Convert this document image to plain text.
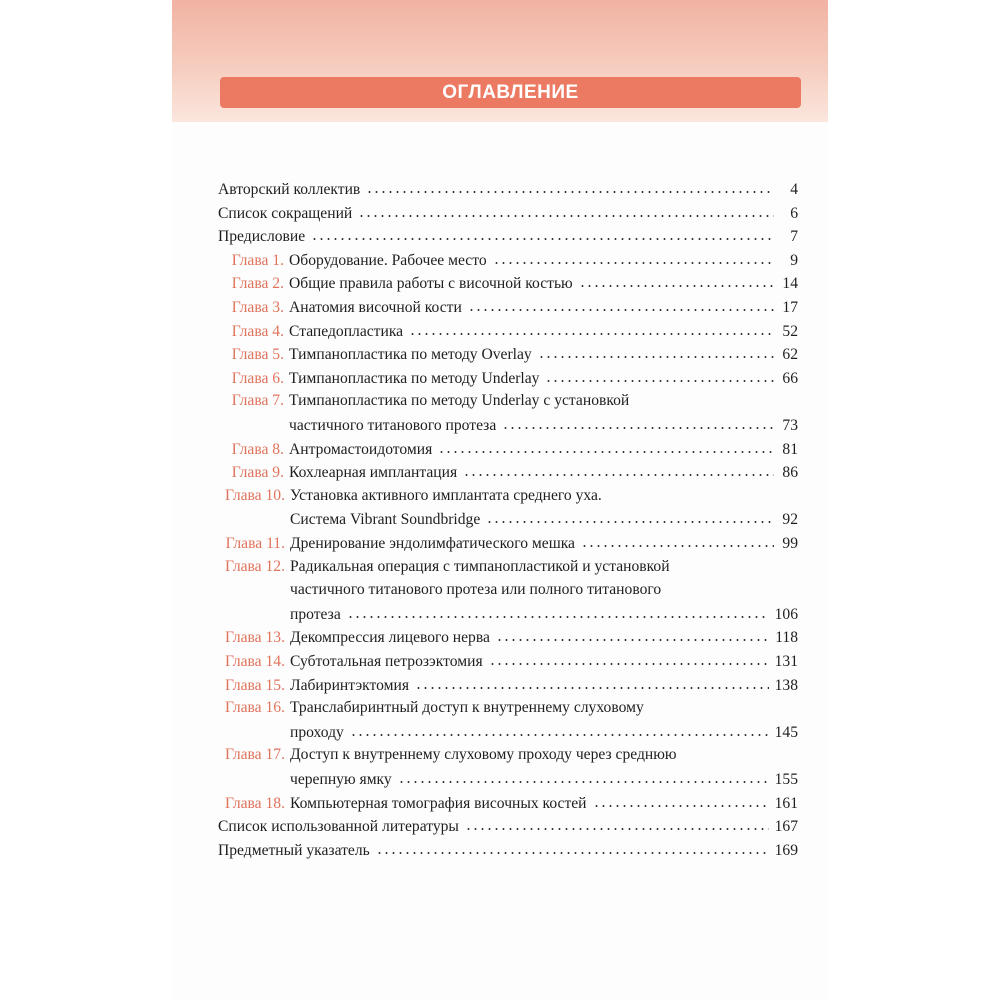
ОГЛАВЛЕНИЕ
Авторский коллектив	4
Список сокращений	6
Предисловие	7
Глава 1. Оборудование. Рабочее место	9
Глава 2. Общие правила работы с височной костью	14
Глава 3. Анатомия височной кости	17
Глава 4. Стапедопластика	52
Глава 5. Тимпанопластика по методу Overlay	62
Глава 6. Тимпанопластика по методу Underlay	66
Глава 7. Тимпанопластика по методу Underlay с установкой
частичного титанового протеза	73
Глава 8. Антромастоидотомия	81
Глава 9. Кохлеарная имплантация	86
Глава 10. Установка активного имплантата среднего уха.
Система Vibrant Soundbridge	92
Глава 11. Дренирование эндолимфатического мешка	99
Глава 12. Радикальная операция с тимпанопластикой и установкой
частичного титанового протеза или полного титанового
протеза	106
Глава 13. Декомпрессия лицевого нерва	118
Глава 14. Субтотальная петрозэктомия	131
Глава 15. Лабиринтэктомия	138
Глава 16. Транслабиринтный доступ к внутреннему слуховому
проходу	145
Глава 17. Доступ к внутреннему слуховому проходу через среднюю
черепную ямку	155
Глава 18. Компьютерная томография височных костей	161
Список использованной литературы	167
Предметный указатель	169
